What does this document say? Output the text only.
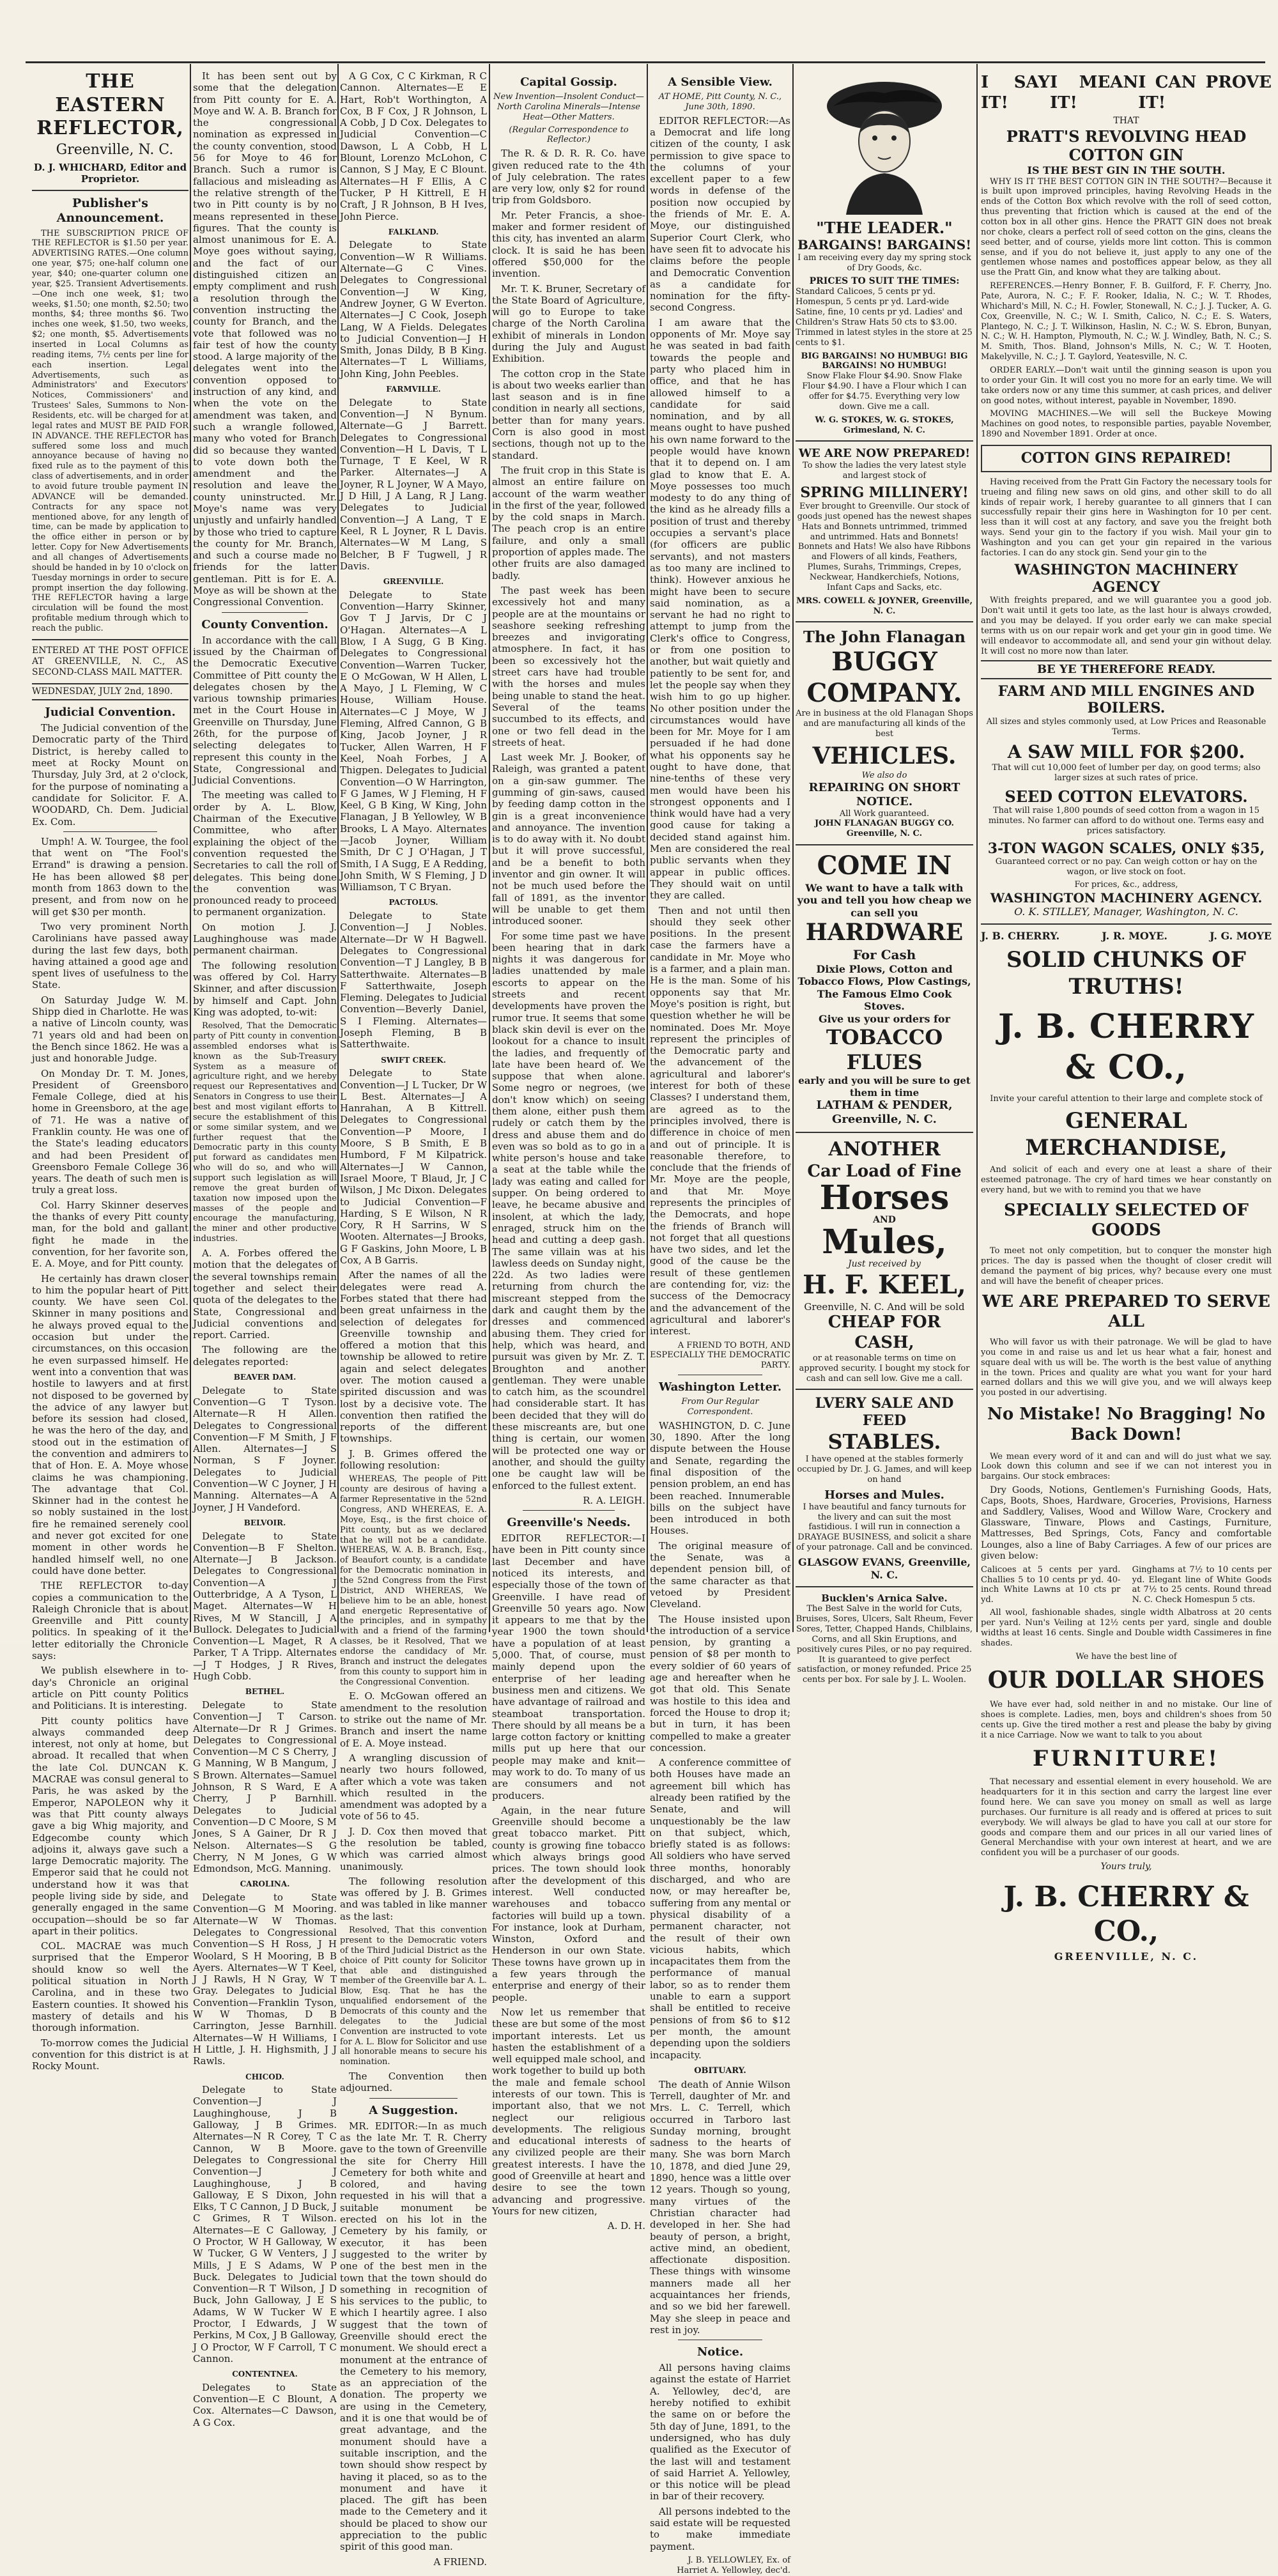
THE EASTERN REFLECTOR,

Greenville, N. C.

D. J. WHICHARD, Editor and Proprietor.
Publisher's Announcement.

THE SUBSCRIPTION PRICE OF THE REFLECTOR is $1.50 per year. ADVERTISING RATES.—One column one year, $75; one-half column one year, $40; one-quarter column one year, $25. Transient Advertisements.—One inch one week, $1; two weeks, $1.50; one month, $2.50; two months, $4; three months $6. Two inches one week, $1.50, two weeks, $2; one month, $5. Advertisements inserted in Local Columns as reading items, 7½ cents per line for each insertion. Legal Advertisements, such as Administrators' and Executors' Notices, Commissioners' and Trustees' Sales, Summons to Non-Residents, etc. will be charged for at legal rates and MUST BE PAID FOR IN ADVANCE. THE REFLECTOR has suffered some loss and much annoyance because of having no fixed rule as to the payment of this class of advertisements, and in order to avoid future trouble payment IN ADVANCE will be demanded. Contracts for any space not mentioned above, for any length of time, can be made by application to the office either in person or by letter. Copy for New Advertisements and all changes of Advertisements should be handed in by 10 o'clock on Tuesday mornings in order to secure prompt insertion the day following. THE REFLECTOR having a large circulation will be found the most profitable medium through which to reach the public.

ENTERED AT THE POST OFFICE AT GREENVILLE, N. C., AS SECOND-CLASS MAIL MATTER.

WEDNESDAY, JULY 2nd, 1890.
Judicial Convention.

The Judicial convention of the Democratic party of the Third District, is hereby called to meet at Rocky Mount on Thursday, July 3rd, at 2 o'clock, for the purpose of nominating a candidate for Solicitor. F. A. WOODARD, Ch. Dem. Judicial Ex. Com.

Umph! A. W. Tourgee, the fool that went on "The Fool's Errand" is drawing a pension. He has been allowed $8 per month from 1863 down to the present, and from now on he will get $30 per month.

Two very prominent North Carolinians have passed away during the last few days, both having attained a good age and spent lives of usefulness to the State.

On Saturday Judge W. M. Shipp died in Charlotte. He was a native of Lincoln county, was 71 years old and had been on the Bench since 1862. He was a just and honorable Judge.

On Monday Dr. T. M. Jones, President of Greensboro Female College, died at his home in Greensboro, at the age of 71. He was a native of Franklin county. He was one of the State's leading educators and had been President of Greensboro Female College 36 years. The death of such men is truly a great loss.

Col. Harry Skinner deserves the thanks of every Pitt county man, for the bold and gallant fight he made in the convention, for her favorite son, E. A. Moye, and for Pitt county.

He certainly has drawn closer to him the popular heart of Pitt county. We have seen Col. Skinner in many positions and he always proved equal to the occasion but under the circumstances, on this occasion he even surpassed himself. He went into a convention that was hostile to lawyers and at first not disposed to be governed by the advice of any lawyer but before its session had closed, he was the hero of the day, and stood out in the estimation of the convention and admirers to that of Hon. E. A. Moye whose claims he was championing. The advantage that Col. Skinner had in the contest he so nobly sustained in the lost fire he remained serenely cool and never got excited for one moment in other words he handled himself well, no one could have done better.

THE REFLECTOR to-day copies a communication to the Raleigh Chronicle that is about Greenville and Pitt county politics. In speaking of it the letter editorially the Chronicle says:

We publish elsewhere in to-day's Chronicle an original article on Pitt county Politics and Politicians. It is interesting.

Pitt county politics have always commanded deep interest, not only at home, but abroad. It recalled that when the late Col. DUNCAN K. MACRAE was consul general to Paris, he was asked by the Emperor, NAPOLEON why it was that Pitt county always gave a big Whig majority, and Edgecombe county which adjoins it, always gave such a large Democratic majority. The Emperor said that he could not understand how it was that people living side by side, and generally engaged in the same occupation—should be so far apart in their politics.

COL. MACRAE was much surprised that the Emperor should know so well the political situation in North Carolina, and in these two Eastern counties. It showed his mastery of details and his thorough information.

To-morrow comes the Judicial convention for this district is at Rocky Mount.

It has been sent out by some that the delegation from Pitt county for E. A. Moye and W. A. B. Branch for the congressional nomination as expressed in the county convention, stood 56 for Moye to 46 for Branch. Such a rumor is fallacious and misleading as the relative strength of the two in Pitt county is by no means represented in these figures. That the county is almost unanimous for E. A. Moye goes without saying, and the fact of our distinguished citizen an empty compliment and rush a resolution through the convention instructing the county for Branch, and the vote that followed was no fair test of how the county stood. A large majority of the delegates went into the convention opposed to instruction of any kind, and when the vote on the amendment was taken, and such a wrangle followed, many who voted for Branch did so because they wanted to vote down both the amendment and the resolution and leave the county uninstructed. Mr. Moye's name was very unjustly and unfairly handled by those who tried to capture the county for Mr. Branch, and such a course made no friends for the latter gentleman. Pitt is for E. A. Moye as will be shown at the Congressional Convention.

County Convention.

In accordance with the call issued by the Chairman of the Democratic Executive Committee of Pitt county the delegates chosen by the various township primaries met in the Court House in Greenville on Thursday, June 26th, for the purpose of selecting delegates to represent this county in the State, Congressional and Judicial Conventions.

The meeting was called to order by A. L. Blow, Chairman of the Executive Committee, who after explaining the object of the convention requested the Secretaries to call the roll of delegates. This being done the convention was pronounced ready to proceed to permanent organization.

On motion J. J. Laughinghouse was made permanent chairman.

The following resolution was offered by Col. Harry Skinner, and after discussion by himself and Capt. John King was adopted, to-wit:

Resolved, That the Democratic party of Pitt county in convention assembled endorses what is known as the Sub-Treasury System as a measure of agriculture right, and we hereby request our Representatives and Senators in Congress to use their best and most vigilant efforts to secure the establishment of this or some similar system, and we further request that the Democratic party in this county put forward as candidates men who will do so, and who will support such legislation as will remove the great burden of taxation now imposed upon the masses of the people and encourage the manufacturing, the miner and other productive industries.

A. A. Forbes offered the motion that the delegates of the several townships remain together and select their quota of the delegates to the State, Congressional and Judicial conventions and report. Carried.

The following are the delegates reported:

BEAVER DAM.

Delegate to State Convention—G T Tyson. Alternate—R H Allen. Delegates to Congressional Convention—F M Smith, J F Allen. Alternates—J S Norman, S F Joyner. Delegates to Judicial Convention—W C Joyner, J H Manning. Alternates—A A Joyner, J H Vandeford.

BELVOIR.

Delegate to State Convention—B F Shelton. Alternate—J B Jackson. Delegates to Congressional Convention—A J Outterbridge, A A Tyson, L Maget. Alternates—W H Rives, M W Stancill, J A Bullock. Delegates to Judicial Convention—L Maget, R A Parker, T A Tripp. Alternates—J T Hodges, J R Rives, Hugh Cobb.

BETHEL.

Delegate to State Convention—J T Carson. Alternate—Dr R J Grimes. Delegates to Congressional Convention—M C S Cherry, J G Manning, W B Mangum, J S Brown. Alternates—Samuel Johnson, R S Ward, E A Cherry, J P Barnhill. Delegates to Judicial Convention—D C Moore, S M Jones, S A Gainer, Dr R J Nelson. Alternates—S G Cherry, N M Jones, G W Edmondson, McG. Manning.

CAROLINA.

Delegate to State Convention—G M Mooring. Alternate—W W Thomas. Delegates to Congressional Convention—S H Ross, J H Woolard, S H Mooring, B B Ayers. Alternates—W T Keel, J J Rawls, H N Gray, W T Gray. Delegates to Judicial Convention—Franklin Tyson, W W Thomas, D B Carrington, Jesse Barnhill. Alternates—W H Williams, I H Little, J. H. Highsmith, J J Rawls.

CHICOD.

Delegate to State Convention—J J Laughinghouse, J B Galloway, J B Grimes. Alternates—N R Corey, T C Cannon, W B Moore. Delegates to Congressional Convention—J J Laughinghouse, J B Galloway, E S Dixon, John Elks, T C Cannon, J D Buck, J C Grimes, R T Wilson. Alternates—E C Galloway, J O Proctor, W H Galloway, W W Tucker, G W Venters, J J Mills, J E S Adams, W P Buck. Delegates to Judicial Convention—R T Wilson, J D Buck, John Galloway, J E S Adams, W W Tucker W E Proctor, I Edwards, J W Perkins, M Cox, J B Galloway, J O Proctor, W F Carroll, T C Cannon.

CONTENTNEA.

Delegates to State Convention—E C Blount, A Cox. Alternates—C Dawson, A G Cox.

A G Cox, C C Kirkman, R C Cannon. Alternates—E E Hart, Rob't Worthington, A Cox, B F Cox, J R Johnson, L A Cobb, J D Cox. Delegates to Judicial Convention—C Dawson, L A Cobb, H L Blount, Lorenzo McLohon, C Cannon, S J May, E C Blount. Alternates—H F Ellis, A C Tucker, P H Kittrell, E H Craft, J R Johnson, B H Ives, John Pierce.

FALKLAND.

Delegate to State Convention—W R Williams. Alternate—G C Vines. Delegates to Congressional Convention—J W King, Andrew Joyner, G W Everton. Alternates—J C Cook, Joseph Lang, W A Fields. Delegates to Judicial Convention—J H Smith, Jonas Dildy, B B King. Alternates—T L Williams, John King, John Peebles.

FARMVILLE.

Delegate to State Convention—J N Bynum. Alternate—G J Barrett. Delegates to Congressional Convention—H L Davis, T L Turnage, T E Keel, W R Parker. Alternates—J A Joyner, R L Joyner, W A Mayo, J D Hill, J A Lang, R J Lang. Delegates to Judicial Convention—J A Lang, T E Keel, R L Joyner, R L Davis. Alternates—W M Lang, S Belcher, B F Tugwell, J R Davis.

GREENVILLE.

Delegate to State Convention—Harry Skinner, Gov T J Jarvis, Dr C J O'Hagan. Alternates—A L Blow, I A Sugg, G B King. Delegates to Congressional Convention—Warren Tucker, E O McGowan, W H Allen, L A Mayo, J L Fleming, W C House, William House. Alternates—C J Moye, W J Fleming, Alfred Cannon, G B King, Jacob Joyner, J R Tucker, Allen Warren, H F Keel, Noah Forbes, J A Thigpen. Delegates to Judicial Convention—O W Harrington, F G James, W J Fleming, H F Keel, G B King, W King, John Flanagan, J B Yellowley, W B Brooks, L A Mayo. Alternates—Jacob Joyner, William Smith, Dr C J O'Hagan, J T Smith, I A Sugg, E A Redding, John Smith, W S Fleming, J D Williamson, T C Bryan.

PACTOLUS.

Delegate to State Convention—J J Nobles. Alternate—Dr W H Bagwell. Delegates to Congressional Convention—T J Langley, B B Satterthwaite. Alternates—B F Satterthwaite, Joseph Fleming. Delegates to Judicial Convention—Beverly Daniel, S I Fleming. Alternates—Joseph Fleming, B B Satterthwaite.

SWIFT CREEK.

Delegate to State Convention—J L Tucker, Dr W L Best. Alternates—J A Hanrahan, A B Kittrell. Delegates to Congressional Convention—P Moore, I Moore, S B Smith, E B Humbord, F M Kilpatrick. Alternates—J W Cannon, Israel Moore, T Blaud, Jr, J C Wilson, J Mc Dixon. Delegates to Judicial Convention—F Harding, S E Wilson, N R Cory, R H Sarrins, W S Wooten. Alternates—J Brooks, G F Gaskins, John Moore, L B Cox, A B Garris.

After the names of all the delegates were read A. Forbes stated that there had been great unfairness in the selection of delegates for Greenville township and offered a motion that this township be allowed to retire again and select delegates over. The motion caused a spirited discussion and was lost by a decisive vote. The convention then ratified the reports of the different townships.

J. B. Grimes offered the following resolution:

WHEREAS, The people of Pitt county are desirous of having a farmer Representative in the 52nd Congress, AND WHEREAS, E. A. Moye, Esq., is the first choice of Pitt county, but as we declared that he will not be a candidate. WHEREAS, W. A. B. Branch, Esq., of Beaufort county, is a candidate for the Democratic nomination in the 52nd Congress from the First District, AND WHEREAS, We believe him to be an able, honest and energetic Representative of the principles, and in sympathy with and a friend of the farming classes, be it Resolved, That we endorse the candidacy of Mr. Branch and instruct the delegates from this county to support him in the Congressional Convention.

E. O. McGowan offered an amendment to the resolution to strike out the name of Mr. Branch and insert the name of E. A. Moye instead.

A wrangling discussion of nearly two hours followed, after which a vote was taken which resulted in the amendment was adopted by a vote of 56 to 45.

J. D. Cox then moved that the resolution be tabled, which was carried almost unanimously.

The following resolution was offered by J. B. Grimes and was tabled in like manner as the last:

Resolved, That this convention present to the Democratic voters of the Third Judicial District as the choice of Pitt county for Solicitor that able and distinguished member of the Greenville bar A. L. Blow, Esq. That he has the unqualified endorsement of the Democrats of this county and the delegates to the Judicial Convention are instructed to vote for A. L. Blow for Solicitor and use all honorable means to secure his nomination.

The Convention then adjourned.

A Suggestion.

MR. EDITOR:—In as much as the late Mr. T. R. Cherry gave to the town of Greenville the site for Cherry Hill Cemetery for both white and colored, and having requested in his will that a suitable monument be erected on his lot in the Cemetery by his family, or executor, it has been suggested to the writer by one of the best men in the town that the town should do something in recognition of his services to the public, to which I heartily agree. I also suggest that the town of Greenville should erect the monument. We should erect a monument at the entrance of the Cemetery to his memory, as an appreciation of the donation. The property we are using in the Cemetery, and it is one that would be of great advantage, and the monument should have a suitable inscription, and the town should show respect by having it placed, so as to the monument and have it placed. The gift has been made to the Cemetery and it should be placed to show our appreciation to the public spirit of this good man.

A FRIEND.

Capital Gossip.
New Invention—Insolent Conduct—North Carolina Minerals—Intense Heat—Other Matters.
(Regular Correspondence to Reflector.)

The R. & D. R. R. Co. have given reduced rate to the 4th of July celebration. The rates are very low, only $2 for round trip from Goldsboro.

Mr. Peter Francis, a shoe-maker and former resident of this city, has invented an alarm clock. It is said he has been offered $50,000 for the invention.

Mr. T. K. Bruner, Secretary of the State Board of Agriculture, will go to Europe to take charge of the North Carolina exhibit of minerals in London during the July and August Exhibition.

The cotton crop in the State is about two weeks earlier than last season and is in fine condition in nearly all sections, better than for many years. Corn is also good in most sections, though not up to the standard.

The fruit crop in this State is almost an entire failure on account of the warm weather in the first of the year, followed by the cold snaps in March. The peach crop is an entire failure, and only a small proportion of apples made. The other fruits are also damaged badly.

The past week has been excessively hot and many people are at the mountains or seashore seeking refreshing breezes and invigorating atmosphere. In fact, it has been so excessively hot the street cars have had trouble with the horses and mules being unable to stand the heat. Several of the teams succumbed to its effects, and one or two fell dead in the streets of heat.

Last week Mr. J. Booker, of Raleigh, was granted a patent on a gin-saw gummer. The gumming of gin-saws, caused by feeding damp cotton in the gin is a great inconvenience and annoyance. The invention is to do away with it. No doubt but it will prove successful, and be a benefit to both inventor and gin owner. It will not be much used before the fall of 1891, as the inventor will be unable to get them introduced sooner.

For some time past we have been hearing that in dark nights it was dangerous for ladies unattended by male escorts to appear on the streets and recent developments have proven the rumor true. It seems that some black skin devil is ever on the lookout for a chance to insult the ladies, and frequently of late have been heard of. We suppose that when alone. Some negro or negroes, (we don't know which) on seeing them alone, either push them rudely or catch them by the dress and abuse them and do even was so bold as to go in a white person's house and take a seat at the table while the lady was eating and called for supper. On being ordered to leave, he became abusive and insolent, at which the lady, enraged, struck him on the head and cutting a deep gash. The same villain was at his lawless deeds on Sunday night, 22d. As two ladies were returning from church the miscreant stepped from the dark and caught them by the dresses and commenced abusing them. They cried for help, which was heard, and pursuit was given by Mr. Z. T. Broughton and another gentleman. They were unable to catch him, as the scoundrel had considerable start. It has been decided that they will do these miscreants are, but one thing is certain, our women will be protected one way or another, and should the guilty one be caught law will be enforced to the fullest extent.

R. A. LEIGH.

Greenville's Needs.

EDITOR REFLECTOR:—I have been in Pitt county since last December and have noticed its interests, and especially those of the town of Greenville. I have read of Greenville 50 years ago. Now it appears to me that by the year 1900 the town should have a population of at least 5,000. That, of course, must mainly depend upon the enterprise of her leading business men and citizens. We have advantage of railroad and steamboat transportation. There should by all means be a large cotton factory or knitting mills put up here that our people may make and knit—may work to do. To many of us are consumers and not producers.

Again, in the near future Greenville should become a great tobacco market. Pitt county is growing fine tobacco which always brings good prices. The town should look after the development of this interest. Well conducted warehouses and tobacco factories will build up a town. For instance, look at Durham, Winston, Oxford and Henderson in our own State. These towns have grown up in a few years through the enterprise and energy of their people.

Now let us remember that these are but some of the most important interests. Let us hasten the establishment of a well equipped male school, and work together to build up both the male and female school interests of our town. This is important also, that we not neglect our religious developments. The religious and educational interests of any civilized people are their greatest interests. I have the good of Greenville at heart and desire to see the town advancing and progressive. Yours for new citizen,

A. D. H.

A Sensible View.
AT HOME, Pitt County, N. C., June 30th, 1890.

EDITOR REFLECTOR:—As a Democrat and life long citizen of the county, I ask permission to give space to the columns of your excellent paper to a few words in defense of the position now occupied by the friends of Mr. E. A. Moye, our distinguished Superior Court Clerk, who have seen fit to advocate his claims before the people and Democratic Convention as a candidate for nomination for the fifty-second Congress.

I am aware that the opponents of Mr. Moye say he was seated in bad faith towards the people and party who placed him in office, and that he has allowed himself to a candidate for said nomination, and by all means ought to have pushed his own name forward to the people would have known that it to depend on. I am glad to know that E. A. Moye possesses too much modesty to do any thing of the kind as he already fills a position of trust and thereby occupies a servant's place (for officers are public servants), and not masters as too many are inclined to think). However anxious he might have been to secure said nomination, as a servant he had no right to attempt to jump from the Clerk's office to Congress, or from one position to another, but wait quietly and patiently to be sent for, and let the people say when they wish him to go up higher. No other position under the circumstances would have been for Mr. Moye for I am persuaded if he had done what his opponents say he ought to have done, that nine-tenths of these very men would have been his strongest opponents and I think would have had a very good cause for taking a decided stand against him. Men are considered the real public servants when they appear in public offices. They should wait on until they are called.

Then and not until then should they seek other positions. In the present case the farmers have a candidate in Mr. Moye who is a farmer, and a plain man. He is the man. Some of his opponents say that Mr. Moye's position is right, but question whether he will be nominated. Does Mr. Moye represent the principles of the Democratic party and the advancement of the agricultural and laborer's interest for both of these Classes? I understand them, are agreed as to the principles involved, there is difference in choice of men and out of principle. It is reasonable therefore, to conclude that the friends of Mr. Moye are the people, and that Mr. Moye represents the principles of the Democrats, and hope the friends of Branch will not forget that all questions have two sides, and let the good of the cause be the result of these gentlemen are contending for, viz: the success of the Democracy and the advancement of the agricultural and laborer's interest.

A FRIEND TO BOTH, AND ESPECIALLY THE DEMOCRATIC PARTY.

Washington Letter.
From Our Regular Correspondent.

WASHINGTON, D. C. June 30, 1890. After the long dispute between the House and Senate, regarding the final disposition of the pension problem, an end has been reached. Innumerable bills on the subject have been introduced in both Houses.

The original measure of the Senate, was a dependent pension bill, of the same character as that vetoed by President Cleveland.

The House insisted upon the introduction of a service pension, by granting a pension of $8 per month to every soldier of 60 years of age and hereafter when he got that old. This Senate was hostile to this idea and forced the House to drop it; but in turn, it has been compelled to make a greater concession.

A conference committee of both Houses have made an agreement bill which has already been ratified by the Senate, and will unquestionably be the law on that subject, which, briefly stated is as follows: All soldiers who have served three months, honorably discharged, and who are now, or may hereafter be, suffering from any mental or physical disability of a permanent character, not the result of their own vicious habits, which incapacitates them from the performance of manual labor, so as to render them unable to earn a support shall be entitled to receive pensions of from $6 to $12 per month, the amount depending upon the soldiers incapacity.

OBITUARY.

The death of Annie Wilson Terrell, daughter of Mr. and Mrs. L. C. Terrell, which occurred in Tarboro last Sunday morning, brought sadness to the hearts of many. She was born March 10, 1878, and died June 29, 1890, hence was a little over 12 years. Though so young, many virtues of the Christian character had developed in her. She had beauty of person, a bright, active mind, an obedient, affectionate disposition. These things with winsome manners made all her acquaintances her friends, and so we bid her farewell. May she sleep in peace and rest in joy.

Notice.

All persons having claims against the estate of Harriet A. Yellowley, dec'd, are hereby notified to exhibit the same on or before the 5th day of June, 1891, to the undersigned, who has duly qualified as the Executor of the last will and testament of said Harriet A. Yellowley, or this notice will be plead in bar of their recovery.

All persons indebted to the said estate will be requested to make immediate payment.

J. B. YELLOWLEY, Ex. of Harriet A. Yellowley, dec'd.

"THE LEADER."
BARGAINS! BARGAINS!

I am receiving every day my spring stock of Dry Goods, &c.

PRICES TO SUIT THE TIMES:

Standard Calicoes, 5 cents pr yd. Homespun, 5 cents pr yd. Lard-wide Satine, fine, 10 cents pr yd. Ladies' and Children's Straw Hats 50 cts to $3.00. Trimmed in latest styles in the store at 25 cents to $1.

BIG BARGAINS! NO HUMBUG! BIG BARGAINS! NO HUMBUG!

Snow Flake Flour $4.90. Snow Flake Flour $4.90. I have a Flour which I can offer for $4.75. Everything very low down. Give me a call.

W. G. STOKES, W. G. STOKES, Grimesland, N. C.
WE ARE NOW PREPARED!

To show the ladies the very latest style and largest stock of

SPRING MILLINERY!

Ever brought to Greenville. Our stock of goods just opened has the newest shapes Hats and Bonnets untrimmed, trimmed and untrimmed. Hats and Bonnets! Bonnets and Hats! We also have Ribbons and Flowers of all kinds, Feathers, Plumes, Surahs, Trimmings, Crepes, Neckwear, Handkerchiefs, Notions, Infant Caps and Sacks, etc.

MRS. COWELL & JOYNER, Greenville, N. C.
The John Flanagan
BUGGY COMPANY.

Are in business at the old Flanagan Shops and are manufacturing all kinds of the best

VEHICLES.
We also do
REPAIRING ON SHORT NOTICE.
All Work guaranteed.
JOHN FLANAGAN BUGGY CO. Greenville, N. C.
COME IN
We want to have a talk with you and tell you how cheap we can sell you
HARDWARE
For Cash
Dixie Plows, Cotton and Tobacco Flows, Plow Castings, The Famous Elmo Cook Stoves.
Give us your orders for
TOBACCO FLUES
early and you will be sure to get them in time
LATHAM & PENDER, Greenville, N. C.
ANOTHER
Car Load of Fine
Horses
AND
Mules,
Just received by
H. F. KEEL,
Greenville, N. C. And will be sold
CHEAP FOR CASH,

or at reasonable terms on time on approved security. I bought my stock for cash and can sell low. Give me a call.

LVERY SALE AND FEED
STABLES.

I have opened at the stables formerly occupied by Dr. J. G. James, and will keep on hand

Horses and Mules.

I have beautiful and fancy turnouts for the livery and can suit the most fastidious. I will run in connection a DRAYAGE BUSINESS, and solicit a share of your patronage. Call and be convinced.

GLASGOW EVANS, Greenville, N. C.
Bucklen's Arnica Salve.

The Best Salve in the world for Cuts, Bruises, Sores, Ulcers, Salt Rheum, Fever Sores, Tetter, Chapped Hands, Chilblains, Corns, and all Skin Eruptions, and positively cures Piles, or no pay required. It is guaranteed to give perfect satisfaction, or money refunded. Price 25 cents per box. For sale by J. L. Woolen.

I SAY IT!
I MEAN IT!
I CAN PROVE IT!
THAT
PRATT'S REVOLVING HEAD COTTON GIN
IS THE BEST GIN IN THE SOUTH.

WHY IS IT THE BEST COTTON GIN IN THE SOUTH?—Because it is built upon improved principles, having Revolving Heads in the ends of the Cotton Box which revolve with the roll of seed cotton, thus preventing that friction which is caused at the end of the cotton box in all other gins. Hence the PRATT GIN does not break nor choke, clears a perfect roll of seed cotton on the gins, cleans the seed better, and of course, yields more lint cotton. This is common sense, and if you do not believe it, just apply to any one of the gentlemen whose names and postoffices appear below, as they all use the Pratt Gin, and know what they are talking about.

REFERENCES.—Henry Bonner, F. B. Guilford, F. F. Cherry, Jno. Pate, Aurora, N. C.; F. F. Rooker, Idalia, N. C.; W. T. Rhodes, Whichard's Mill, N. C.; H. Fowler, Stonewall, N. C.; J. J. Tucker, A. G. Cox, Greenville, N. C.; W. I. Smith, Calico, N. C.; E. S. Waters, Plantego, N. C.; J. T. Wilkinson, Haslin, N. C.; W. S. Ebron, Bunyan, N. C.; W. H. Hampton, Plymouth, N. C.; W. J. Windley, Bath, N. C.; S. M. Smith, Thos. Bland, Johnson's Mills, N. C.; W. T. Hooten, Makelyville, N. C.; J. T. Gaylord, Yeatesville, N. C.

ORDER EARLY.—Don't wait until the ginning season is upon you to order your Gin. It will cost you no more for an early time. We will take orders now or any time this summer, at cash prices, and deliver on good notes, without interest, payable in November, 1890.

MOVING MACHINES.—We will sell the Buckeye Mowing Machines on good notes, to responsible parties, payable November, 1890 and November 1891. Order at once.

COTTON GINS REPAIRED!

Having received from the Pratt Gin Factory the necessary tools for trueing and filing new saws on old gins, and other skill to do all kinds of repair work, I hereby guarantee to all ginners that I can successfully repair their gins here in Washington for 10 per cent. less than it will cost at any factory, and save you the freight both ways. Send your gin to the factory if you wish. Mail your gin to Washington and you can get your gin repaired in the various factories. I can do any stock gin. Send your gin to the

WASHINGTON MACHINERY AGENCY

With freights prepared, and we will guarantee you a good job. Don't wait until it gets too late, as the last hour is always crowded, and you may be delayed. If you order early we can make special terms with us on our repair work and get your gin in good time. We will endeavor to accommodate all, and send your gin without delay. It will cost no more now than later.

BE YE THEREFORE READY.
FARM AND MILL ENGINES AND BOILERS.
All sizes and styles commonly used, at Low Prices and Reasonable Terms.
A SAW MILL FOR $200.
That will cut 10,000 feet of lumber per day, on good terms; also larger sizes at such rates of price.
SEED COTTON ELEVATORS.
That will raise 1,800 pounds of seed cotton from a wagon in 15 minutes. No farmer can afford to do without one. Terms easy and prices satisfactory.
3-TON WAGON SCALES, ONLY $35,
Guaranteed correct or no pay. Can weigh cotton or hay on the wagon, or live stock on foot.
For prices, &c., address,
WASHINGTON MACHINERY AGENCY.
O. K. STILLEY, Manager, Washington, N. C.
J. B. CHERRY.	J. R. MOYE.	J. G. MOYE
SOLID CHUNKS OF TRUTHS!
J. B. CHERRY & CO.,
Invite your careful attention to their large and complete stock of
GENERAL MERCHANDISE,

And solicit of each and every one at least a share of their esteemed patronage. The cry of hard times we hear constantly on every hand, but we with to remind you that we have

SPECIALLY SELECTED OF GOODS

To meet not only competition, but to conquer the monster high prices. The day is passed when the thought of closer credit will demand the payment of big prices, why? because every one must and will have the benefit of cheaper prices.

WE ARE PREPARED TO SERVE ALL

Who will favor us with their patronage. We will be glad to have you come in and raise us and let us hear what a fair, honest and square deal with us will be. The worth is the best value of anything in the town. Prices and quality are what you want for your hard earned dollars and this we will give you, and we will always keep you posted in our advertising.

No Mistake! No Bragging! No Back Down!

We mean every word of it and can and will do just what we say. Look down this column and see if we can not interest you in bargains. Our stock embraces:

Dry Goods, Notions, Gentlemen's Furnishing Goods, Hats, Caps, Boots, Shoes, Hardware, Groceries, Provisions, Harness and Saddlery, Valises, Wood and Willow Ware, Crockery and Glassware, Tinware, Plows and Castings, Furniture, Mattresses, Bed Springs, Cots, Fancy and comfortable Lounges, also a line of Baby Carriages. A few of our prices are given below:

Calicoes at 5 cents per yard. Challies 5 to 10 cents pr yd. 40-inch White Lawns at 10 cts pr yd.
Ginghams at 7½ to 10 cents per yd. Elegant line of White Goods at 7½ to 25 cents. Round thread N. C. Check Homespun 5 cts.

All wool, fashionable shades, single width Albatross at 20 cents per yard. Nun's Veiling at 12½ cents per yard, single and double widths at least 16 cents. Single and Double width Cassimeres in fine shades.

We have the best line of
OUR DOLLAR SHOES

We have ever had, sold neither in and no mistake. Our line of shoes is complete. Ladies, men, boys and children's shoes from 50 cents up. Give the tired mother a rest and please the baby by giving it a nice Carriage. Now we want to talk to you about

FURNITURE!

That necessary and essential element in every household. We are headquarters for it in this section and carry the largest line ever found here. We can save you money on small as well as large purchases. Our furniture is all ready and is offered at prices to suit everybody. We will always be glad to have you call at our store for goods and compare them and our prices in all our varied lines of General Merchandise with your own interest at heart, and we are confident you will be a purchaser of our goods.

Yours truly,
J. B. CHERRY & CO.,
GREENVILLE, N. C.
